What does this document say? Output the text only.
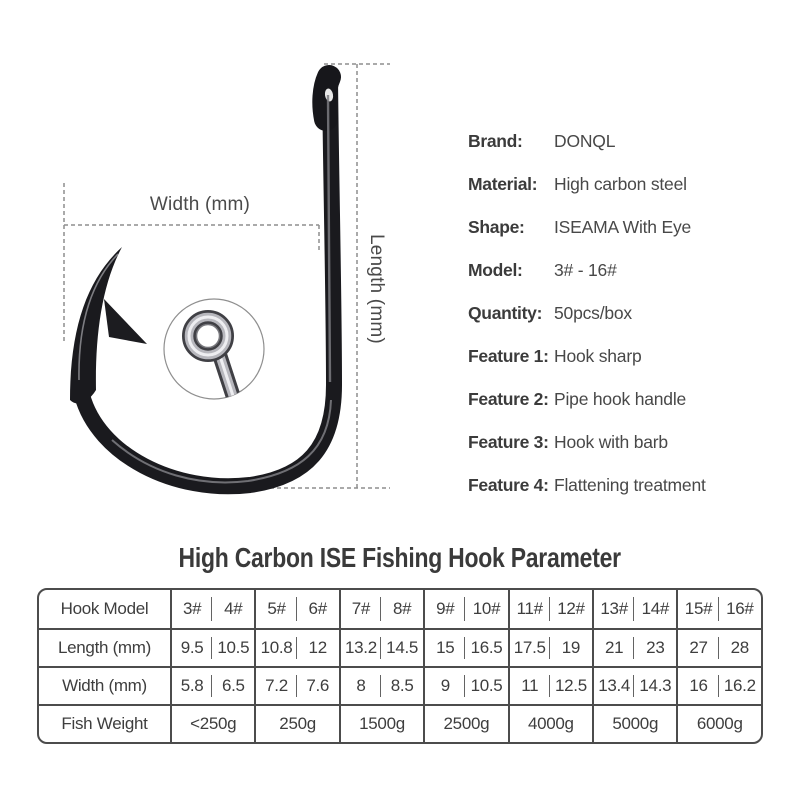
Width (mm)
Length (mm)
Brand:	DONQL
Material: High carbon steel
Shape:	ISEAMA With Eye
Model:	3# - 16#
Quantity: 50pcs/box
Feature 1: Hook sharp
Feature 2: Pipe hook handle
Feature 3: Hook with barb
Feature 4: Flattening treatment
High Carbon ISE Fishing Hook Parameter
Hook Model	3#	4#	5#	6#	7#	8#	9#	10#	11#	12#	13#	14#	15#	16#
Length (mm)	9.5	10.5	10.8	12	13.2	14.5	15	16.5	17.5	19	21	23	27	28
Width (mm)	5.8	6.5	7.2	7.6	8	8.5	9	10.5	11	12.5	13.4	14.3	16	16.2
Fish Weight	<250g		250g		1500g		2500g		4000g		5000g		6000g	
